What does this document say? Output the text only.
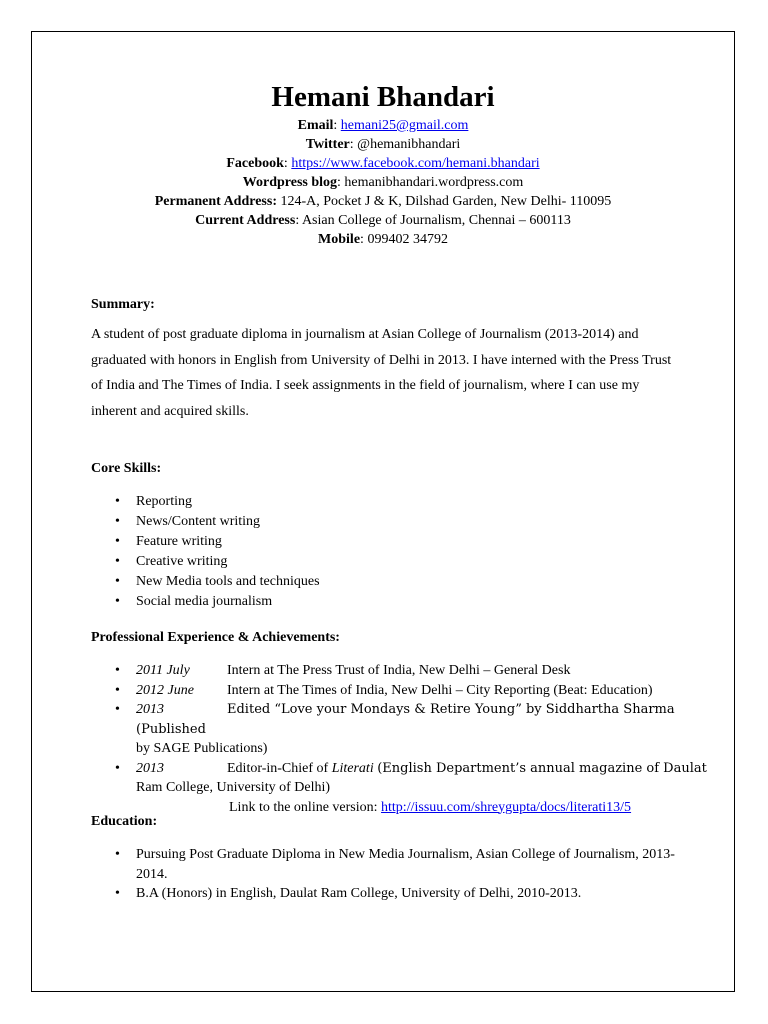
Hemani Bhandari
Email: hemani25@gmail.com
Twitter: @hemanibhandari
Facebook: https://www.facebook.com/hemani.bhandari
Wordpress blog: hemanibhandari.wordpress.com
Permanent Address: 124-A, Pocket J & K, Dilshad Garden, New Delhi- 110095
Current Address: Asian College of Journalism, Chennai – 600113
Mobile: 099402 34792
Summary:
A student of post graduate diploma in journalism at Asian College of Journalism (2013-2014) and
graduated with honors in English from University of Delhi in 2013. I have interned with the Press Trust
of India and The Times of India. I seek assignments in the field of journalism, where I can use my
inherent and acquired skills.
Core Skills:
• Reporting
• News/Content writing
• Feature writing
• Creative writing
• New Media tools and techniques
• Social media journalism
Professional Experience & Achievements:
• 2011 July	Intern at The Press Trust of India, New Delhi – General Desk
• 2012 June Intern at The Times of India, New Delhi – City Reporting (Beat: Education)
• 2013	Edited “Love your Mondays & Retire Young” by Siddhartha Sharma (Published
by SAGE Publications)
• 2013	Editor-in-Chief of Literati (English Department’s annual magazine of Daulat
Ram College, University of Delhi)
Link to the online version: http://issuu.com/shreygupta/docs/literati13/5
Education:
• Pursuing Post Graduate Diploma in New Media Journalism, Asian College of Journalism, 2013-
2014.
• B.A (Honors) in English, Daulat Ram College, University of Delhi, 2010-2013.
